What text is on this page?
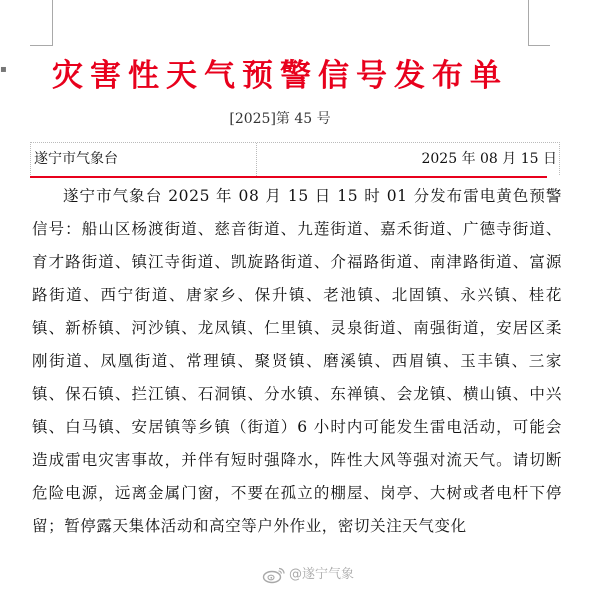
▪	灾害性天气预警信号发布单
[2025]第 45 号
遂宁市气象台	2025 年 08 月 15 日

遂宁市气象台 2025 年 08 月 15 日 15 时 01 分发布雷电黄色预警信号：船山区杨渡街道、慈音街道、九莲街道、嘉禾街道、广德寺街道、育才路街道、镇江寺街道、凯旋路街道、介福路街道、南津路街道、富源路街道、西宁街道、唐家乡、保升镇、老池镇、北固镇、永兴镇、桂花镇、新桥镇、河沙镇、龙凤镇、仁里镇、灵泉街道、南强街道，安居区柔刚街道、凤凰街道、常理镇、聚贤镇、磨溪镇、西眉镇、玉丰镇、三家镇、保石镇、拦江镇、石洞镇、分水镇、东禅镇、会龙镇、横山镇、中兴镇、白马镇、安居镇等乡镇（街道）6 小时内可能发生雷电活动，可能会造成雷电灾害事故，并伴有短时强降水，阵性大风等强对流天气。请切断危险电源，远离金属门窗，不要在孤立的棚屋、岗亭、大树或者电杆下停留；暂停露天集体活动和高空等户外作业，密切关注天气变化

@遂宁气象
